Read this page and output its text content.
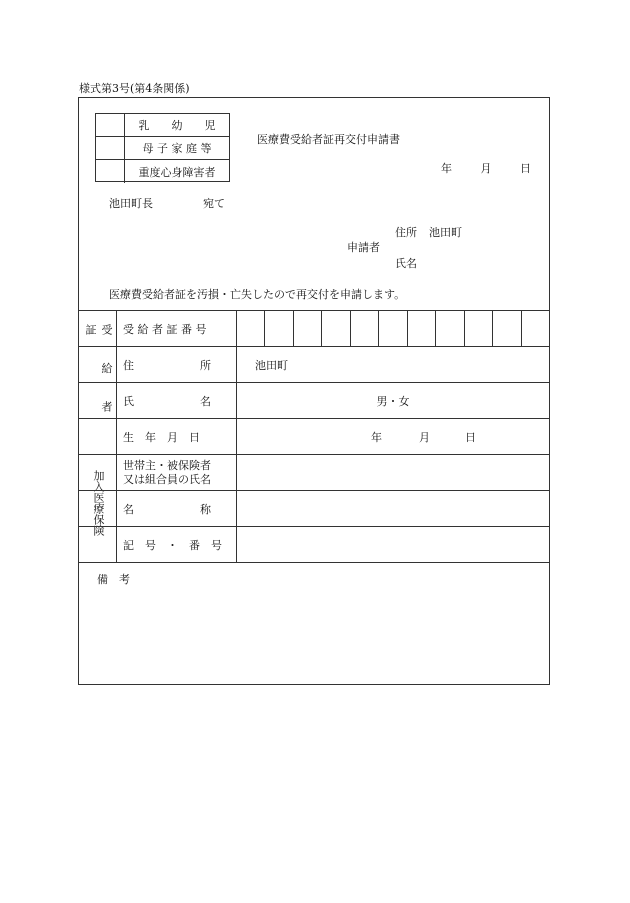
様式第3号(第4条関係)
乳　　幼　　児
母 子 家 庭 等
重度心身障害者
医療費受給者証再交付申請書
年	月	日
池田町長	宛て
住所 池田町
申請者
氏名
医療費受給者証を汚損・亡失したので再交付を申請します。
受 給 者 証	受 給 者 証 番 号
住　　　　　　所	池田町
氏　　　　　　名	男・女
生　年　月　日	年	月	日
加入医療保険
世帯主・被保険者
又は組合員の氏名
名　　　　　　称
記　号　・　番　号
備　考
